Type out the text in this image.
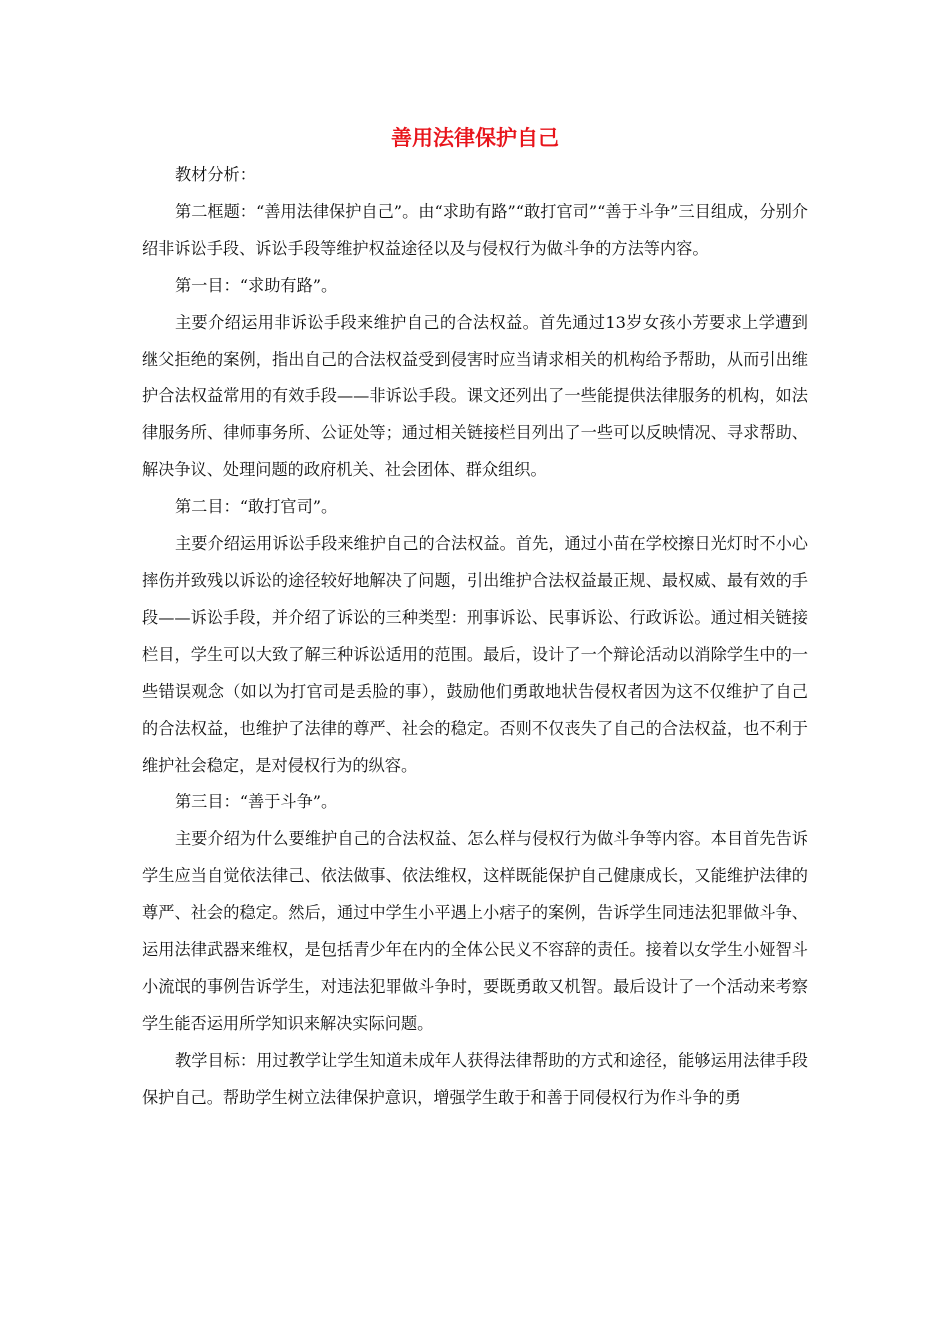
善用法律保护自己

教材分析：

第二框题：“善用法律保护自己”。由“求助有路”“敢打官司”“善于斗争”三目组成，分别介绍非诉讼手段、诉讼手段等维护权益途径以及与侵权行为做斗争的方法等内容。

第一目：“求助有路”。

主要介绍运用非诉讼手段来维护自己的合法权益。首先通过13岁女孩小芳要求上学遭到继父拒绝的案例，指出自己的合法权益受到侵害时应当请求相关的机构给予帮助，从而引出维护合法权益常用的有效手段——非诉讼手段。课文还列出了一些能提供法律服务的机构，如法律服务所、律师事务所、公证处等；通过相关链接栏目列出了一些可以反映情况、寻求帮助、解决争议、处理问题的政府机关、社会团体、群众组织。

第二目：“敢打官司”。

主要介绍运用诉讼手段来维护自己的合法权益。首先，通过小苗在学校擦日光灯时不小心摔伤并致残以诉讼的途径较好地解决了问题，引出维护合法权益最正规、最权威、最有效的手段——诉讼手段，并介绍了诉讼的三种类型：刑事诉讼、民事诉讼、行政诉讼。通过相关链接栏目，学生可以大致了解三种诉讼适用的范围。最后，设计了一个辩论活动以消除学生中的一些错误观念（如以为打官司是丢脸的事），鼓励他们勇敢地状告侵权者因为这不仅维护了自己的合法权益，也维护了法律的尊严、社会的稳定。否则不仅丧失了自己的合法权益，也不利于维护社会稳定，是对侵权行为的纵容。

第三目：“善于斗争”。

主要介绍为什么要维护自己的合法权益、怎么样与侵权行为做斗争等内容。本目首先告诉学生应当自觉依法律己、依法做事、依法维权，这样既能保护自己健康成长，又能维护法律的尊严、社会的稳定。然后，通过中学生小平遇上小痞子的案例，告诉学生同违法犯罪做斗争、运用法律武器来维权，是包括青少年在内的全体公民义不容辞的责任。接着以女学生小娅智斗小流氓的事例告诉学生，对违法犯罪做斗争时，要既勇敢又机智。最后设计了一个活动来考察学生能否运用所学知识来解决实际问题。

教学目标：用过教学让学生知道未成年人获得法律帮助的方式和途径，能够运用法律手段保护自己。帮助学生树立法律保护意识，增强学生敢于和善于同侵权行为作斗争的勇
